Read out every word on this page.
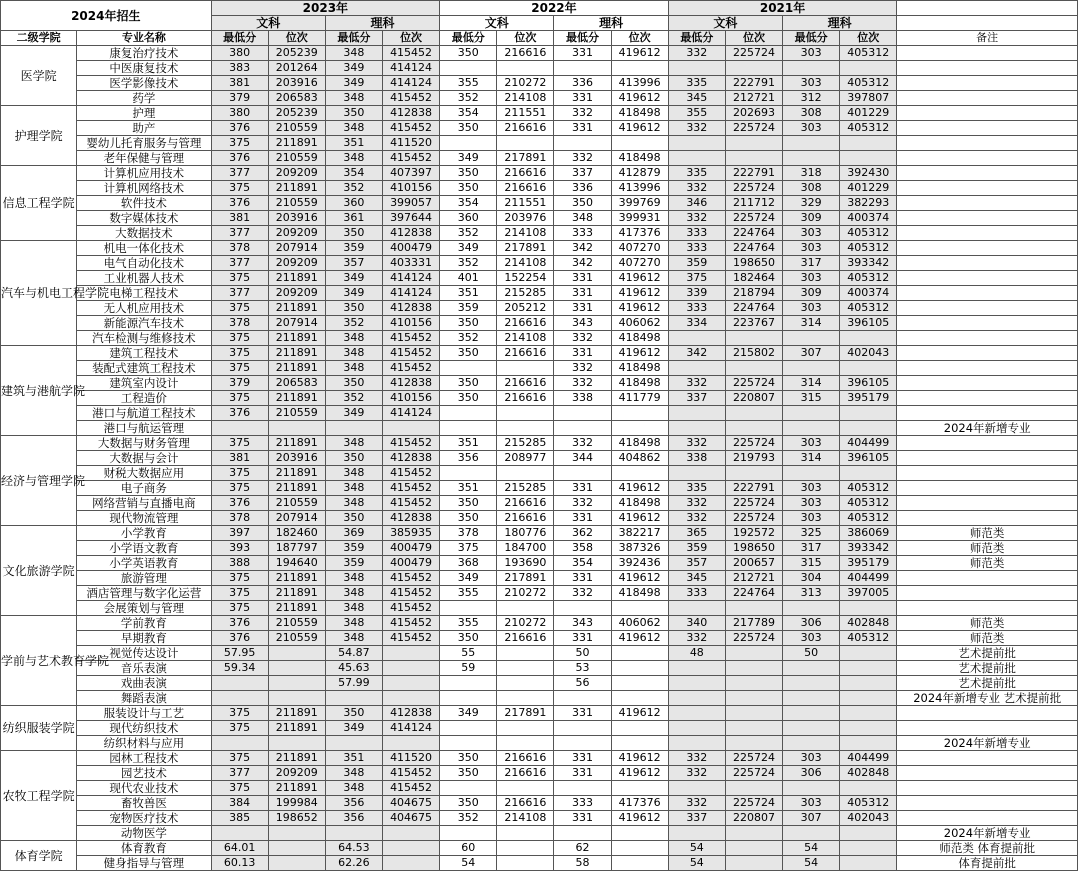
2024年招生		2023年				2022年				2021年				
		文科		理科		文科		理科		文科		理科		
二级学院	专业名称	最低分	位次	最低分	位次	最低分	位次	最低分	位次	最低分	位次	最低分	位次	备注
医学院	康复治疗技术	380	205239	348	415452	350	216616	331	419612	332	225724	303	405312	
	中医康复技术	383	201264	349	414124									
	医学影像技术	381	203916	349	414124	355	210272	336	413996	335	222791	303	405312	
	药学	379	206583	348	415452	352	214108	331	419612	345	212721	312	397807	
护理学院	护理	380	205239	350	412838	354	211551	332	418498	355	202693	308	401229	
	助产	376	210559	348	415452	350	216616	331	419612	332	225724	303	405312	
	婴幼儿托育服务与管理	375	211891	351	411520									
	老年保健与管理	376	210559	348	415452	349	217891	332	418498					
信息工程学院	计算机应用技术	377	209209	354	407397	350	216616	337	412879	335	222791	318	392430	
	计算机网络技术	375	211891	352	410156	350	216616	336	413996	332	225724	308	401229	
	软件技术	376	210559	360	399057	354	211551	350	399769	346	211712	329	382293	
	数字媒体技术	381	203916	361	397644	360	203976	348	399931	332	225724	309	400374	
	大数据技术	377	209209	350	412838	352	214108	333	417376	333	224764	303	405312	
汽车与机电工程学院	机电一体化技术	378	207914	359	400479	349	217891	342	407270	333	224764	303	405312	
	电气自动化技术	377	209209	357	403331	352	214108	342	407270	359	198650	317	393342	
	工业机器人技术	375	211891	349	414124	401	152254	331	419612	375	182464	303	405312	
	电梯工程技术	377	209209	349	414124	351	215285	331	419612	339	218794	309	400374	
	无人机应用技术	375	211891	350	412838	359	205212	331	419612	333	224764	303	405312	
	新能源汽车技术	378	207914	352	410156	350	216616	343	406062	334	223767	314	396105	
	汽车检测与维修技术	375	211891	348	415452	352	214108	332	418498					
建筑与港航学院	建筑工程技术	375	211891	348	415452	350	216616	331	419612	342	215802	307	402043	
	装配式建筑工程技术	375	211891	348	415452			332	418498					
	建筑室内设计	379	206583	350	412838	350	216616	332	418498	332	225724	314	396105	
	工程造价	375	211891	352	410156	350	216616	338	411779	337	220807	315	395179	
	港口与航道工程技术	376	210559	349	414124									
	港口与航运管理													2024年新增专业
经济与管理学院	大数据与财务管理	375	211891	348	415452	351	215285	332	418498	332	225724	303	404499	
	大数据与会计	381	203916	350	412838	356	208977	344	404862	338	219793	314	396105	
	财税大数据应用	375	211891	348	415452									
	电子商务	375	211891	348	415452	351	215285	331	419612	335	222791	303	405312	
	网络营销与直播电商	376	210559	348	415452	350	216616	332	418498	332	225724	303	405312	
	现代物流管理	378	207914	350	412838	350	216616	331	419612	332	225724	303	405312	
文化旅游学院	小学教育	397	182460	369	385935	378	180776	362	382217	365	192572	325	386069	师范类
	小学语文教育	393	187797	359	400479	375	184700	358	387326	359	198650	317	393342	师范类
	小学英语教育	388	194640	359	400479	368	193690	354	392436	357	200657	315	395179	师范类
	旅游管理	375	211891	348	415452	349	217891	331	419612	345	212721	304	404499	
	酒店管理与数字化运营	375	211891	348	415452	355	210272	332	418498	333	224764	313	397005	
	会展策划与管理	375	211891	348	415452									
学前与艺术教育学院	学前教育	376	210559	348	415452	355	210272	343	406062	340	217789	306	402848	师范类
	早期教育	376	210559	348	415452	350	216616	331	419612	332	225724	303	405312	师范类
	视觉传达设计	57.95		54.87		55		50		48		50		艺术提前批
	音乐表演	59.34		45.63		59		53						艺术提前批
	戏曲表演			57.99				56						艺术提前批
	舞蹈表演													2024年新增专业 艺术提前批
纺织服装学院	服装设计与工艺	375	211891	350	412838	349	217891	331	419612					
	现代纺织技术	375	211891	349	414124									
	纺织材料与应用													2024年新增专业
农牧工程学院	园林工程技术	375	211891	351	411520	350	216616	331	419612	332	225724	303	404499	
	园艺技术	377	209209	348	415452	350	216616	331	419612	332	225724	306	402848	
	现代农业技术	375	211891	348	415452									
	畜牧兽医	384	199984	356	404675	350	216616	333	417376	332	225724	303	405312	
	宠物医疗技术	385	198652	356	404675	352	214108	331	419612	337	220807	307	402043	
	动物医学													2024年新增专业
体育学院	体育教育	64.01		64.53		60		62		54		54		师范类 体育提前批
	健身指导与管理	60.13		62.26		54		58		54		54		体育提前批
